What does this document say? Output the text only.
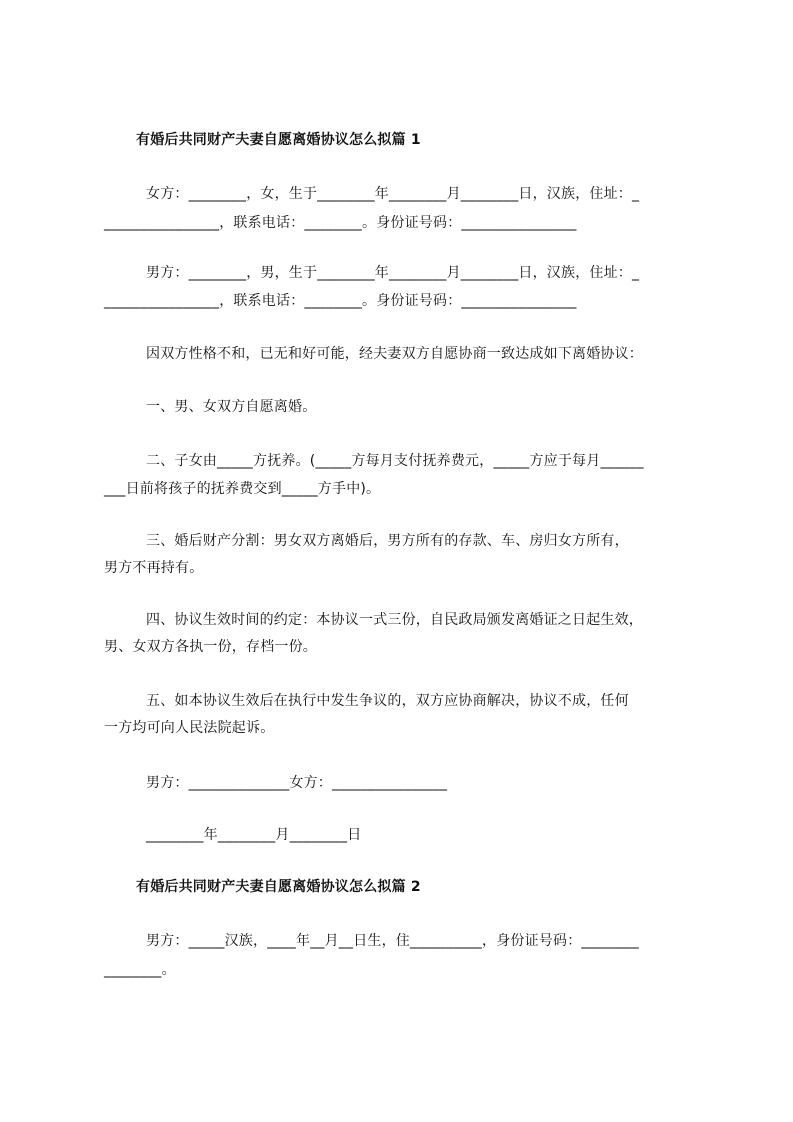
有婚后共同财产夫妻自愿离婚协议怎么拟篇 1
女方：________，女，生于________年________月________日，汉族，住址：_
________________，联系电话：________。身份证号码：________________
男方：________，男，生于________年________月________日，汉族，住址：_
________________，联系电话：________。身份证号码：________________
因双方性格不和，已无和好可能，经夫妻双方自愿协商一致达成如下离婚协议：
一、男、女双方自愿离婚。
二、子女由_____方抚养。(_____方每月支付抚养费元，_____方应于每月______
___日前将孩子的抚养费交到_____方手中)。
三、婚后财产分割：男女双方离婚后，男方所有的存款、车、房归女方所有，
男方不再持有。
四、协议生效时间的约定：本协议一式三份，自民政局颁发离婚证之日起生效，
男、女双方各执一份，存档一份。
五、如本协议生效后在执行中发生争议的，双方应协商解决，协议不成，任何
一方均可向人民法院起诉。
男方：______________女方：________________
________年________月________日
有婚后共同财产夫妻自愿离婚协议怎么拟篇 2
男方：_____汉族，____年__月__日生，住__________，身份证号码：________
________。
